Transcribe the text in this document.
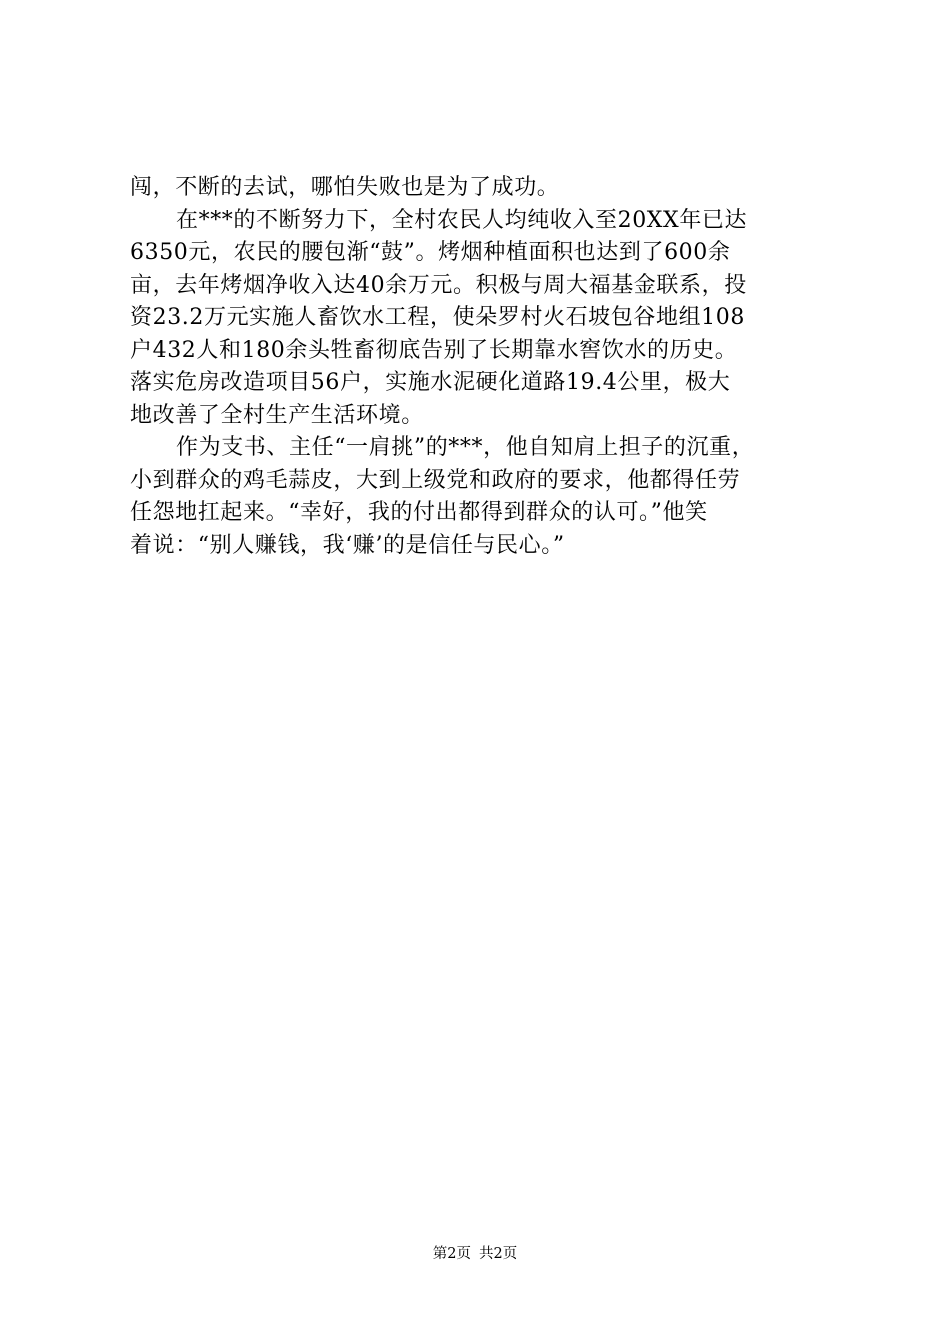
闯，不断的去试，哪怕失败也是为了成功。
在***的不断努力下，全村农民人均纯收入至20XX年已达
6350元，农民的腰包渐“鼓”。烤烟种植面积也达到了600余
亩，去年烤烟净收入达40余万元。积极与周大福基金联系，投
资23.2万元实施人畜饮水工程，使朵罗村火石坡包谷地组108
户432人和180余头牲畜彻底告别了长期靠水窖饮水的历史。
落实危房改造项目56户，实施水泥硬化道路19.4公里，极大
地改善了全村生产生活环境。
作为支书、主任“一肩挑”的***，他自知肩上担子的沉重，
小到群众的鸡毛蒜皮，大到上级党和政府的要求，他都得任劳
任怨地扛起来。“幸好，我的付出都得到群众的认可。”他笑
着说：“别人赚钱，我‘赚’的是信任与民心。”
第2页 共2页
